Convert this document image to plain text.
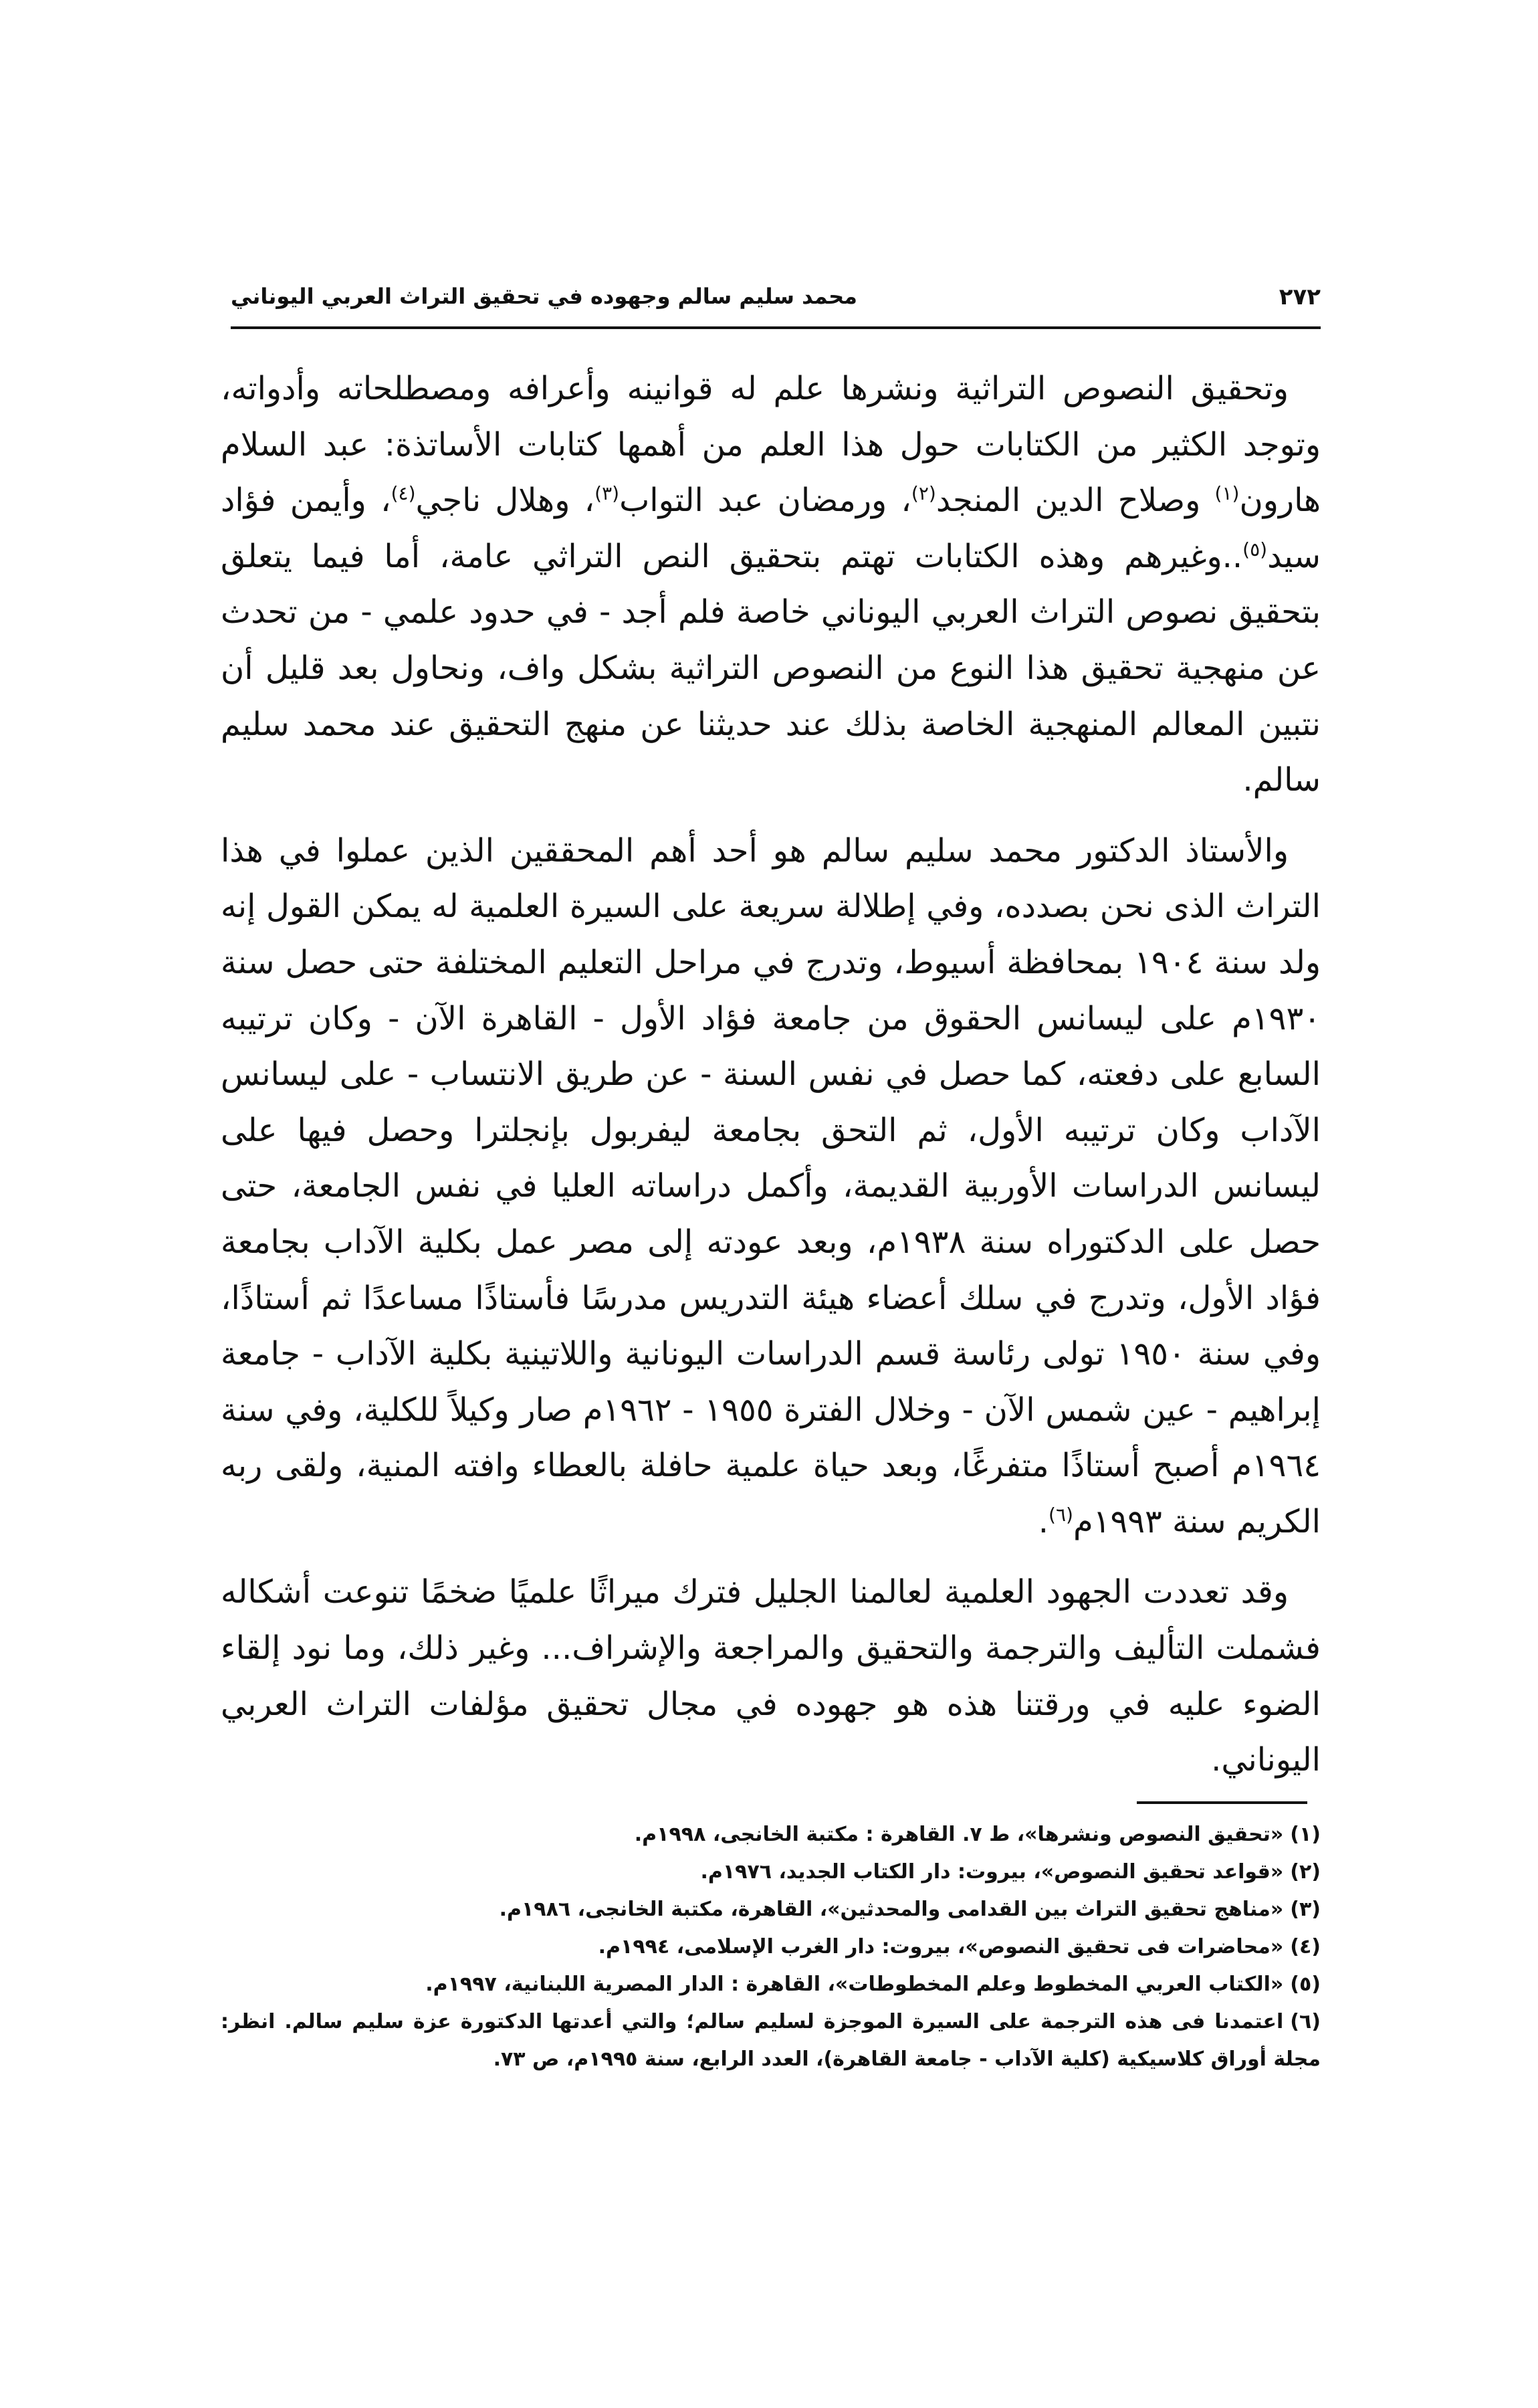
٢٧٢
محمد سليم سالم وجهوده في تحقيق التراث العربي اليوناني

وتحقيق النصوص التراثية ونشرها علم له قوانينه وأعرافه ومصطلحاته وأدواته، وتوجد الكثير من الكتابات حول هذا العلم من أهمها كتابات الأساتذة: عبد السلام هارون$^{(١)}$ وصلاح الدين المنجد$^{(٢)}$، ورمضان عبد التواب$^{(٣)}$، وهلال ناجي$^{(٤)}$، وأيمن فؤاد سيد$^{(٥)}$..وغيرهم وهذه الكتابات تهتم بتحقيق النص التراثي عامة، أما فيما يتعلق بتحقيق نصوص التراث العربي اليوناني خاصة فلم أجد - في حدود علمي - من تحدث عن منهجية تحقيق هذا النوع من النصوص التراثية بشكل واف، ونحاول بعد قليل أن نتبين المعالم المنهجية الخاصة بذلك عند حديثنا عن منهج التحقيق عند محمد سليم سالم.

والأستاذ الدكتور محمد سليم سالم هو أحد أهم المحققين الذين عملوا في هذا التراث الذى نحن بصدده، وفي إطلالة سريعة على السيرة العلمية له يمكن القول إنه ولد سنة ١٩٠٤ بمحافظة أسيوط، وتدرج في مراحل التعليم المختلفة حتى حصل سنة ١٩٣٠م على ليسانس الحقوق من جامعة فؤاد الأول - القاهرة الآن - وكان ترتيبه السابع على دفعته، كما حصل في نفس السنة - عن طريق الانتساب - على ليسانس الآداب وكان ترتيبه الأول، ثم التحق بجامعة ليفربول بإنجلترا وحصل فيها على ليسانس الدراسات الأوربية القديمة، وأكمل دراساته العليا في نفس الجامعة، حتى حصل على الدكتوراه سنة ١٩٣٨م، وبعد عودته إلى مصر عمل بكلية الآداب بجامعة فؤاد الأول، وتدرج في سلك أعضاء هيئة التدريس مدرسًا فأستاذًا مساعدًا ثم أستاذًا، وفي سنة ١٩٥٠ تولى رئاسة قسم الدراسات اليونانية واللاتينية بكلية الآداب - جامعة إبراهيم - عين شمس الآن - وخلال الفترة ١٩٥٥ - ١٩٦٢م صار وكيلاً للكلية، وفي سنة ١٩٦٤م أصبح أستاذًا متفرغًا، وبعد حياة علمية حافلة بالعطاء وافته المنية، ولقى ربه الكريم سنة ١٩٩٣م$^{(٦)}$.

وقد تعددت الجهود العلمية لعالمنا الجليل فترك ميراثًا علميًا ضخمًا تنوعت أشكاله فشملت التأليف والترجمة والتحقيق والمراجعة والإشراف... وغير ذلك، وما نود إلقاء الضوء عليه في ورقتنا هذه هو جهوده في مجال تحقيق مؤلفات التراث العربي اليوناني.

(١)«تحقيق النصوص ونشرها»، ط ٧. القاهرة : مكتبة الخانجى، ١٩٩٨م.

(٢)«قواعد تحقيق النصوص»، بيروت: دار الكتاب الجديد، ١٩٧٦م.

(٣)«مناهج تحقيق التراث بين القدامى والمحدثين»، القاهرة، مكتبة الخانجى، ١٩٨٦م.

(٤)«محاضرات فى تحقيق النصوص»، بيروت: دار الغرب الإسلامى، ١٩٩٤م.

(٥)«الكتاب العربي المخطوط وعلم المخطوطات»، القاهرة : الدار المصرية اللبنانية، ١٩٩٧م.

(٦)اعتمدنا فى هذه الترجمة على السيرة الموجزة لسليم سالم؛ والتي أعدتها الدكتورة عزة سليم سالم. انظر: مجلة أوراق كلاسيكية (كلية الآداب - جامعة القاهرة)، العدد الرابع، سنة ١٩٩٥م، ص ٧٣.
